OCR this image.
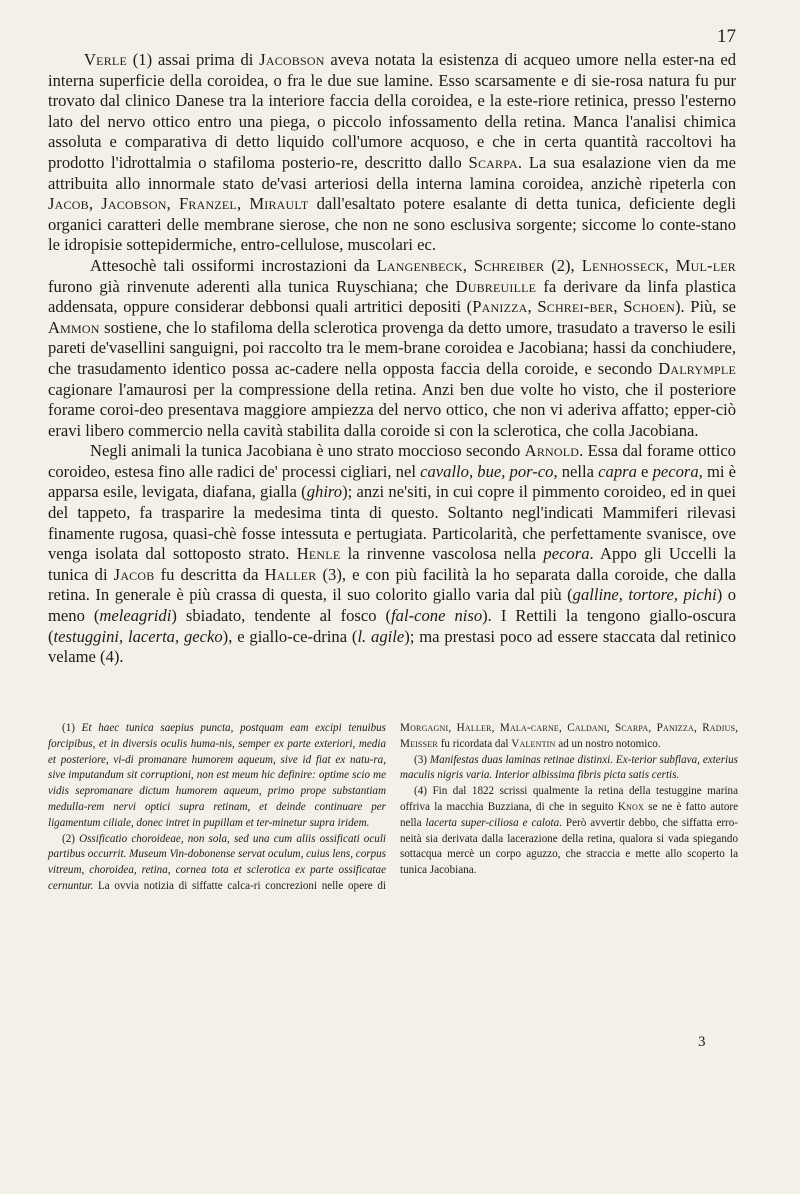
17

Verle (1) assai prima di Jacobson aveva notata la esistenza di acqueo umore nella ester-na ed interna superficie della coroidea, o fra le due sue lamine. Esso scarsamente e di sie-rosa natura fu pur trovato dal clinico Danese tra la interiore faccia della coroidea, e la este-riore retinica, presso l'esterno lato del nervo ottico entro una piega, o piccolo infossamento della retina. Manca l'analisi chimica assoluta e comparativa di detto liquido coll'umore acquoso, e che in certa quantità raccoltovi ha prodotto l'idrottalmia o stafiloma posterio-re, descritto dallo Scarpa. La sua esalazione vien da me attribuita allo innormale stato de'vasi arteriosi della interna lamina coroidea, anzichè ripeterla con Jacob, Jacobson, Franzel, Mirault dall'esaltato potere esalante di detta tunica, deficiente degli organici caratteri delle membrane sierose, che non ne sono esclusiva sorgente; siccome lo conte-stano le idropisie sottepidermiche, entro-cellulose, muscolari ec.

Attesochè tali ossiformi incrostazioni da Langenbeck, Schreiber (2), Lenhosseck, Mul-ler furono già rinvenute aderenti alla tunica Ruyschiana; che Dubreuille fa derivare da linfa plastica addensata, oppure considerar debbonsi quali artritici depositi (Panizza, Schrei-ber, Schoen). Più, se Ammon sostiene, che lo stafiloma della sclerotica provenga da detto umore, trasudato a traverso le esili pareti de'vasellini sanguigni, poi raccolto tra le mem-brane coroidea e Jacobiana; hassi da conchiudere, che trasudamento identico possa ac-cadere nella opposta faccia della coroide, e secondo Dalrymple cagionare l'amaurosi per la compressione della retina. Anzi ben due volte ho visto, che il posteriore forame coroi-deo presentava maggiore ampiezza del nervo ottico, che non vi aderiva affatto; epper-ciò eravi libero commercio nella cavità stabilita dalla coroide si con la sclerotica, che colla Jacobiana.

Negli animali la tunica Jacobiana è uno strato moccioso secondo Arnold. Essa dal forame ottico coroideo, estesa fino alle radici de' processi cigliari, nel cavallo, bue, por-co, nella capra e pecora, mi è apparsa esile, levigata, diafana, gialla (ghiro); anzi ne'siti, in cui copre il pimmento coroideo, ed in quei del tappeto, fa trasparire la medesima tinta di questo. Soltanto negl'indicati Mammiferi rilevasi finamente rugosa, quasi-chè fosse intessuta e pertugiata. Particolarità, che perfettamente svanisce, ove venga isolata dal sottoposto strato. Henle la rinvenne vascolosa nella pecora. Appo gli Uccelli la tunica di Jacob fu descritta da Haller (3), e con più facilità la ho separata dalla coroide, che dalla retina. In generale è più crassa di questa, il suo colorito giallo varia dal più (galline, tortore, pichi) o meno (meleagridi) sbiadato, tendente al fosco (fal-cone niso). I Rettili la tengono giallo-oscura (testuggini, lacerta, gecko), e giallo-ce-drina (l. agile); ma prestasi poco ad essere staccata dal retinico velame (4).

(1) Et haec tunica saepius puncta, postquam eam excipi tenuibus forcipibus, et in diversis oculis huma-nis, semper ex parte exteriori, media et posteriore, vi-di promanare humorem aqueum, sive id fiat ex natu-ra, sive imputandum sit corruptioni, non est meum hic definire: optime scio me vidis sepromanare dictum humorem aqueum, primo prope substantiam medulla-rem nervi optici supra retinam, et deinde continuare per ligamentum ciliale, donec intret in pupillam et ter-minetur supra iridem.

(2) Ossificatio choroideae, non sola, sed una cum aliis ossificati oculi partibus occurrit. Museum Vin-dobonense servat oculum, cuius lens, corpus vitreum, choroidea, retina, cornea tota et sclerotica ex parte ossificatae cernuntur. La ovvia notizia di siffatte calca-ri concrezioni nelle opere di Morgagni, Haller, Mala-carne, Caldani, Scarpa, Panizza, Radius, Meisser fu ricordata dal Valentin ad un nostro notomico.

(3) Manifestas duas laminas retinae distinxi. Ex-terior subflava, exterius maculis nigris varia. Interior albissima fibris picta satis certis.

(4) Fin dal 1822 scrissi qualmente la retina della testuggine marina offriva la macchia Buzziana, di che in seguito Knox se ne è fatto autore nella lacerta super-ciliosa e calota. Però avvertir debbo, che siffatta erro-neità sia derivata dalla lacerazione della retina, qualora si vada spiegando sottacqua mercè un corpo aguzzo, che straccia e mette allo scoperto la tunica Jacobiana.

3
